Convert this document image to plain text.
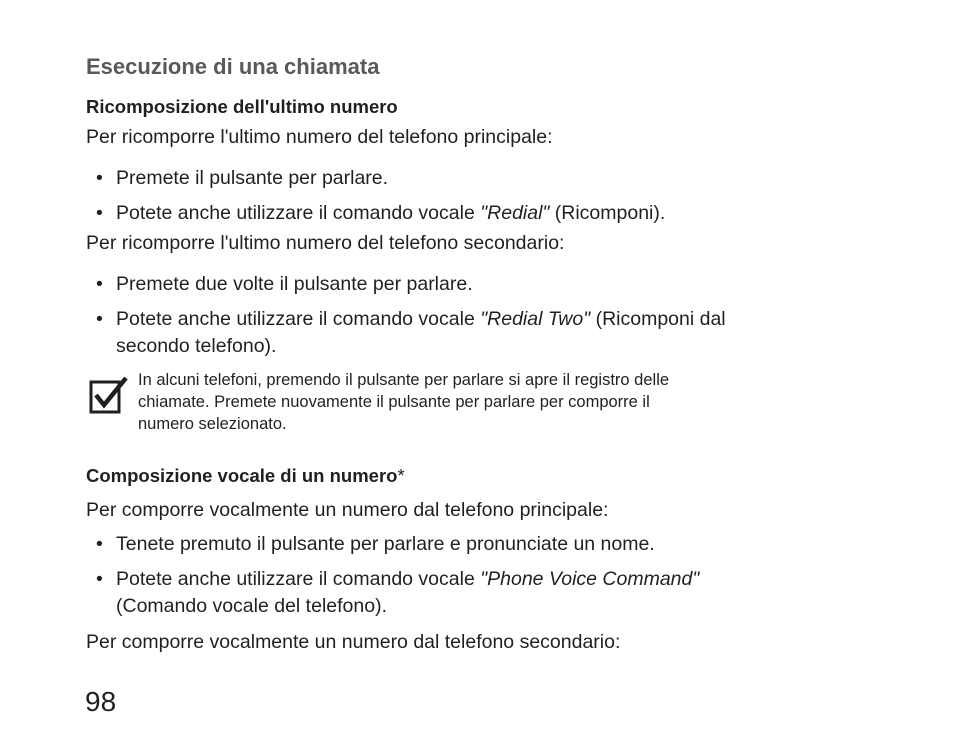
Esecuzione di una chiamata
Ricomposizione dell'ultimo numero
Per ricomporre l'ultimo numero del telefono principale:
• Premete il pulsante per parlare.
• Potete anche utilizzare il comando vocale "Redial" (Ricomponi).
Per ricomporre l'ultimo numero del telefono secondario:
• Premete due volte il pulsante per parlare.
• Potete anche utilizzare il comando vocale "Redial Two" (Ricomponi dal
secondo telefono).
In alcuni telefoni, premendo il pulsante per parlare si apre il registro delle
chiamate. Premete nuovamente il pulsante per parlare per comporre il
numero selezionato.
Composizione vocale di un numero*
Per comporre vocalmente un numero dal telefono principale:
• Tenete premuto il pulsante per parlare e pronunciate un nome.
• Potete anche utilizzare il comando vocale "Phone Voice Command"
(Comando vocale del telefono).
Per comporre vocalmente un numero dal telefono secondario:
98
